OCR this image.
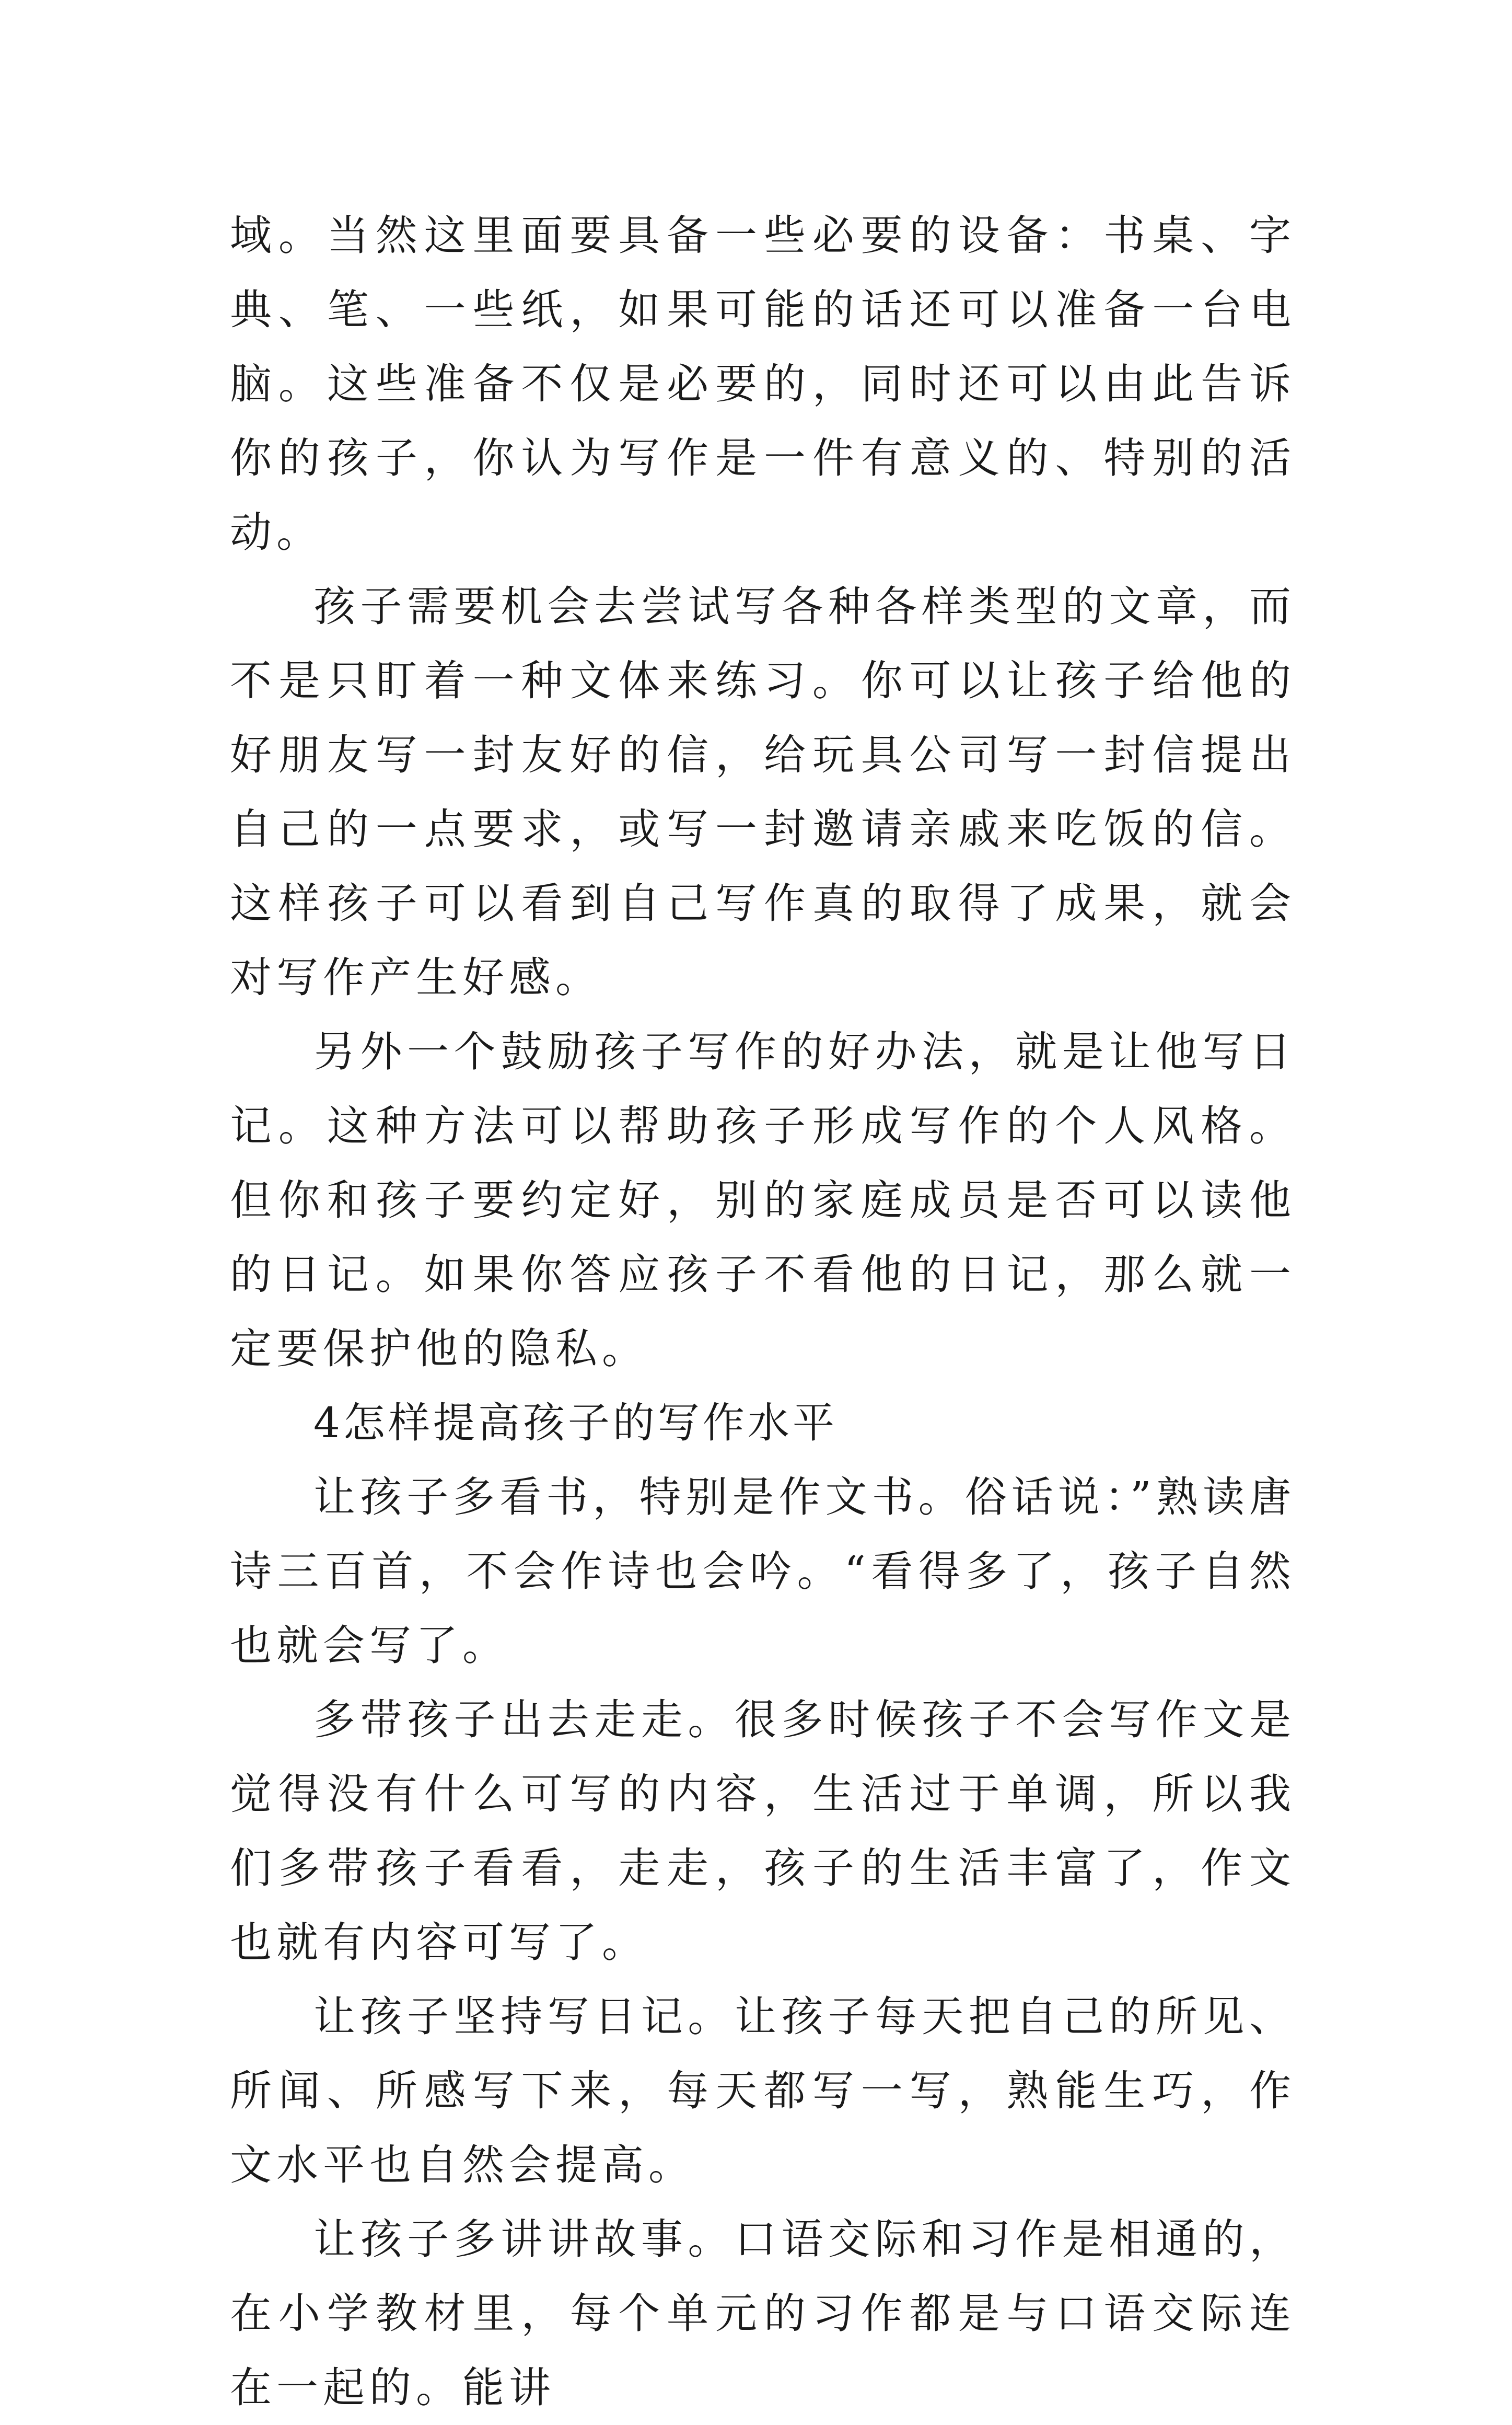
域。当然这里面要具备一些必要的设备：书桌、字典、笔、一些纸，如果可能的话还可以准备一台电脑。这些准备不仅是必要的，同时还可以由此告诉你的孩子，你认为写作是一件有意义的、特别的活动。

孩子需要机会去尝试写各种各样类型的文章，而不是只盯着一种文体来练习。你可以让孩子给他的好朋友写一封友好的信，给玩具公司写一封信提出自己的一点要求，或写一封邀请亲戚来吃饭的信。这样孩子可以看到自己写作真的取得了成果，就会对写作产生好感。

另外一个鼓励孩子写作的好办法，就是让他写日记。这种方法可以帮助孩子形成写作的个人风格。但你和孩子要约定好，别的家庭成员是否可以读他的日记。如果你答应孩子不看他的日记，那么就一定要保护他的隐私。

4怎样提高孩子的写作水平

让孩子多看书，特别是作文书。俗话说：”熟读唐诗三百首，不会作诗也会吟。“看得多了，孩子自然也就会写了。

多带孩子出去走走。很多时候孩子不会写作文是觉得没有什么可写的内容，生活过于单调，所以我们多带孩子看看，走走，孩子的生活丰富了，作文也就有内容可写了。

让孩子坚持写日记。让孩子每天把自己的所见、所闻、所感写下来，每天都写一写，熟能生巧，作文水平也自然会提高。

让孩子多讲讲故事。口语交际和习作是相通的，在小学教材里，每个单元的习作都是与口语交际连在一起的。能讲
